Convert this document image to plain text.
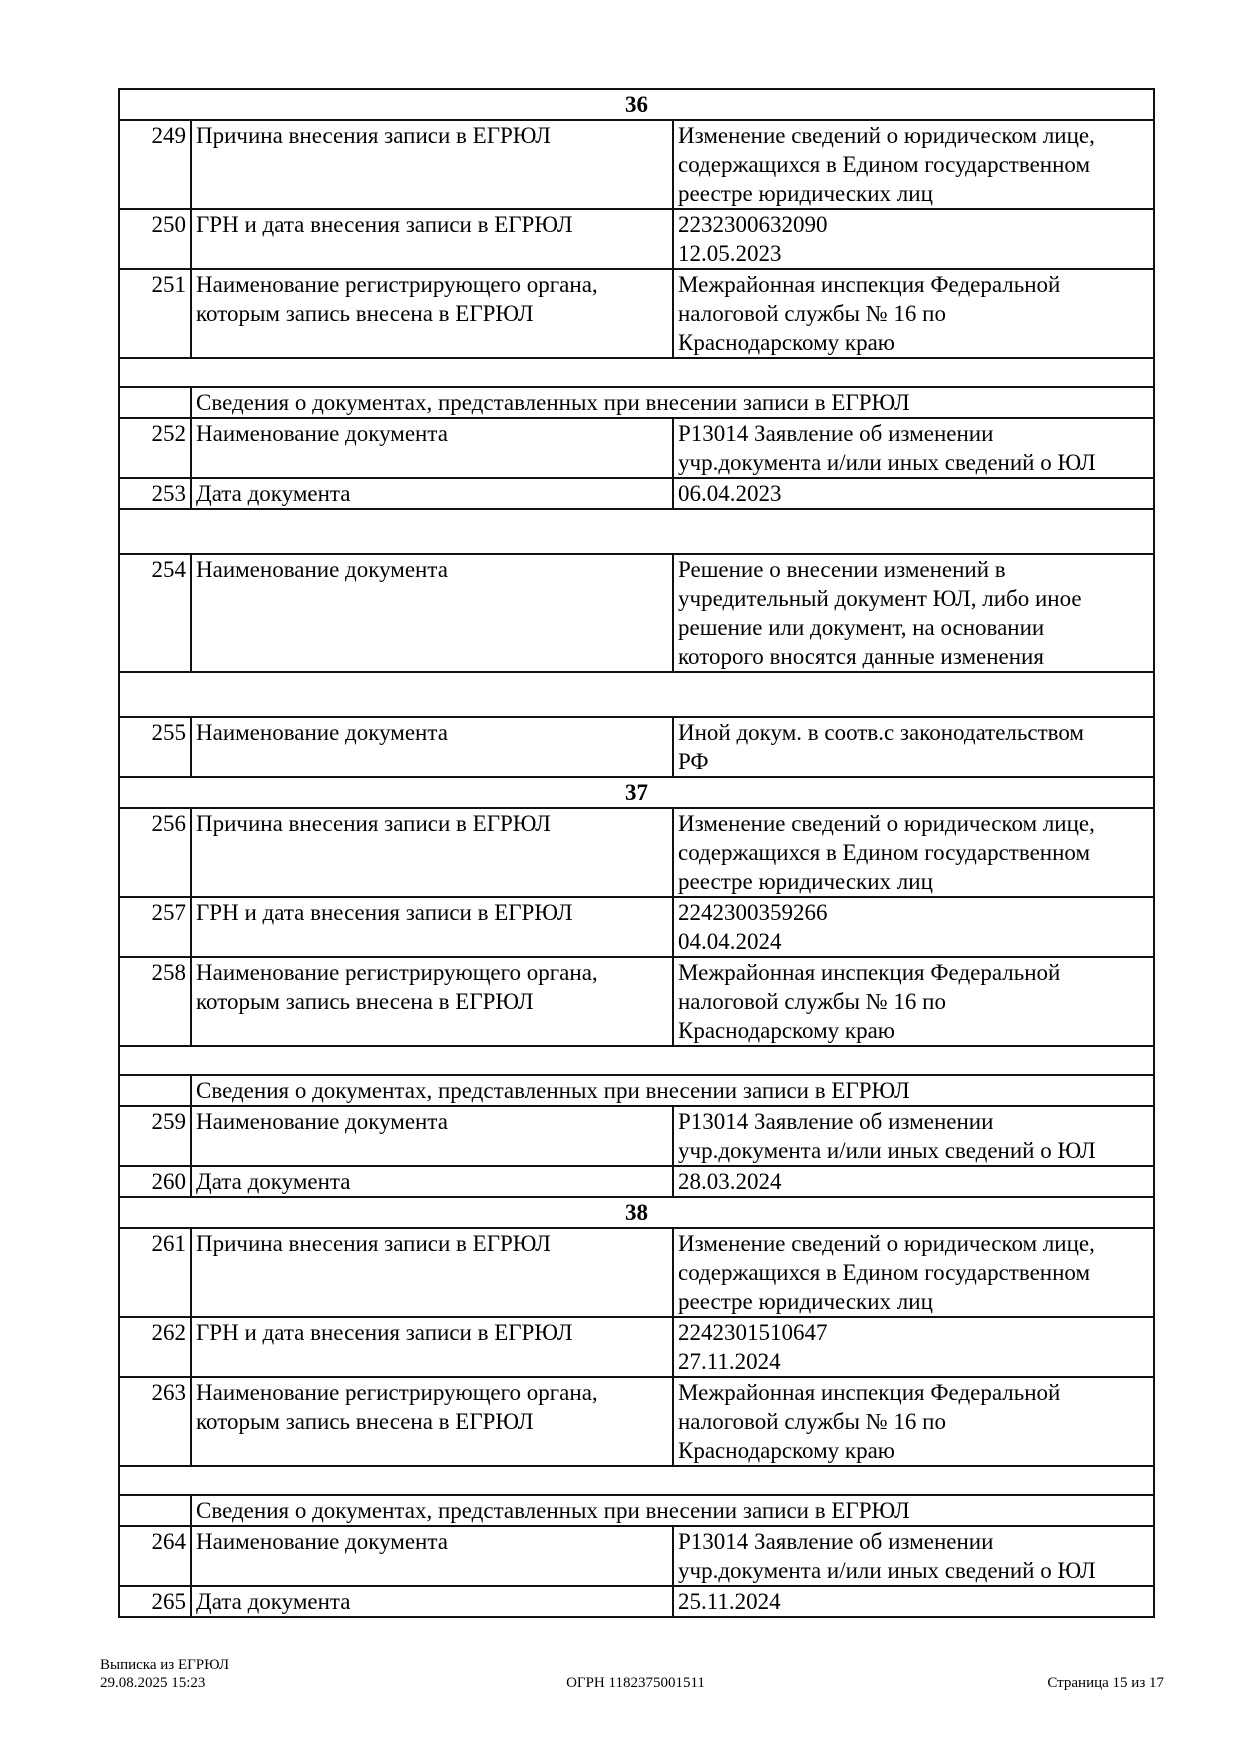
36		
249	Причина внесения записи в ЕГРЮЛ	Изменение сведений о юридическом лице,
содержащихся в Едином государственном
реестре юридических лиц
250	ГРН и дата внесения записи в ЕГРЮЛ	2232300632090
12.05.2023
251	Наименование регистрирующего органа,
которым запись внесена в ЕГРЮЛ	Межрайонная инспекция Федеральной
налоговой службы № 16 по
Краснодарскому краю

	Сведения о документах, представленных при внесении записи в ЕГРЮЛ	
252	Наименование документа	Р13014 Заявление об изменении
учр.документа и/или иных сведений о ЮЛ
253	Дата документа	06.04.2023

254	Наименование документа	Решение о внесении изменений в
учредительный документ ЮЛ, либо иное
решение или документ, на основании
которого вносятся данные изменения

255	Наименование документа	Иной докум. в соотв.с законодательством
РФ
37		
256	Причина внесения записи в ЕГРЮЛ	Изменение сведений о юридическом лице,
содержащихся в Едином государственном
реестре юридических лиц
257	ГРН и дата внесения записи в ЕГРЮЛ	2242300359266
04.04.2024
258	Наименование регистрирующего органа,
которым запись внесена в ЕГРЮЛ	Межрайонная инспекция Федеральной
налоговой службы № 16 по
Краснодарскому краю

	Сведения о документах, представленных при внесении записи в ЕГРЮЛ	
259	Наименование документа	Р13014 Заявление об изменении
учр.документа и/или иных сведений о ЮЛ
260	Дата документа	28.03.2024
38		
261	Причина внесения записи в ЕГРЮЛ	Изменение сведений о юридическом лице,
содержащихся в Едином государственном
реестре юридических лиц
262	ГРН и дата внесения записи в ЕГРЮЛ	2242301510647
27.11.2024
263	Наименование регистрирующего органа,
которым запись внесена в ЕГРЮЛ	Межрайонная инспекция Федеральной
налоговой службы № 16 по
Краснодарскому краю

	Сведения о документах, представленных при внесении записи в ЕГРЮЛ	
264	Наименование документа	Р13014 Заявление об изменении
учр.документа и/или иных сведений о ЮЛ
265	Дата документа	25.11.2024
Выписка из ЕГРЮЛ
29.08.2025 15:23	ОГРН 1182375001511	Страница 15 из 17
